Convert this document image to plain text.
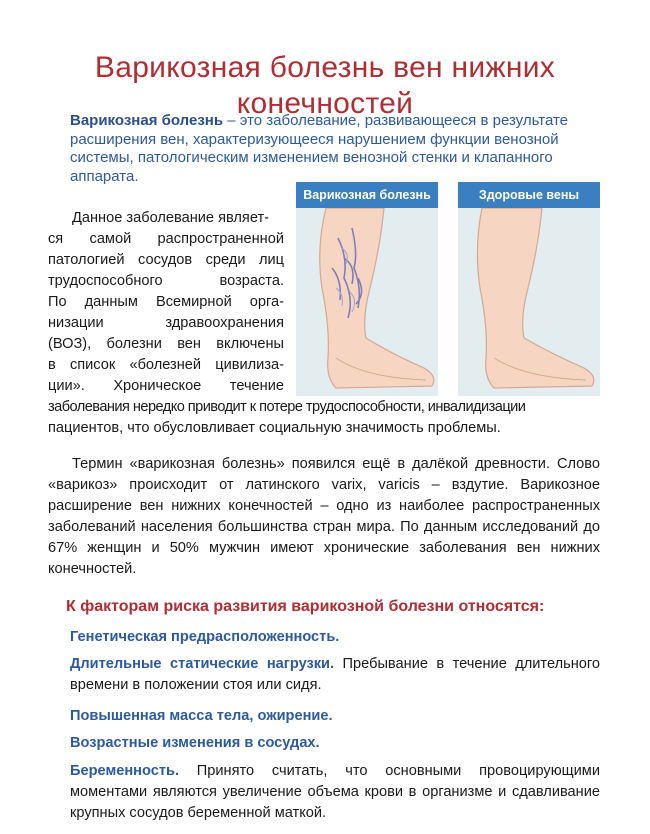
Варикозная болезнь вен нижних
конечностей

Варикозная болезнь – это заболевание, развивающееся в результате расширения вен, характеризующееся нарушением функции венозной системы, патологическим изменением венозной стенки и клапанного аппарата.

Варикозная болезнь	Здоровые вены
Данное заболевание являет-
ся самой распространенной
патологией сосудов среди лиц
трудоспособного возраста.
По данным Всемирной орга-
низации здравоохранения
(ВОЗ), болезни вен включены
в список «болезней цивилиза-
ции». Хроническое течение
заболевания нередко приводит к потере трудоспособности, инвалидизации
пациентов, что обусловливает социальную значимость проблемы.

Термин «варикозная болезнь» появился ещё в далёкой древности. Слово «варикоз» происходит от латинского varix, varicis – вздутие. Варикозное расширение вен нижних конечностей – одно из наиболее распространенных заболеваний населения большинства стран мира. По данным исследований до 67% женщин и 50% мужчин имеют хронические заболевания вен нижних конечностей.

К факторам риска развития варикозной болезни относятся:

Генетическая предрасположенность.

Длительные статические нагрузки. Пребывание в течение длительного времени в положении стоя или сидя.

Повышенная масса тела, ожирение.

Возрастные изменения в сосудах.

Беременность. Принято считать, что основными провоцирующими моментами являются увеличение объема крови в организме и сдавливание крупных сосудов беременной маткой.
